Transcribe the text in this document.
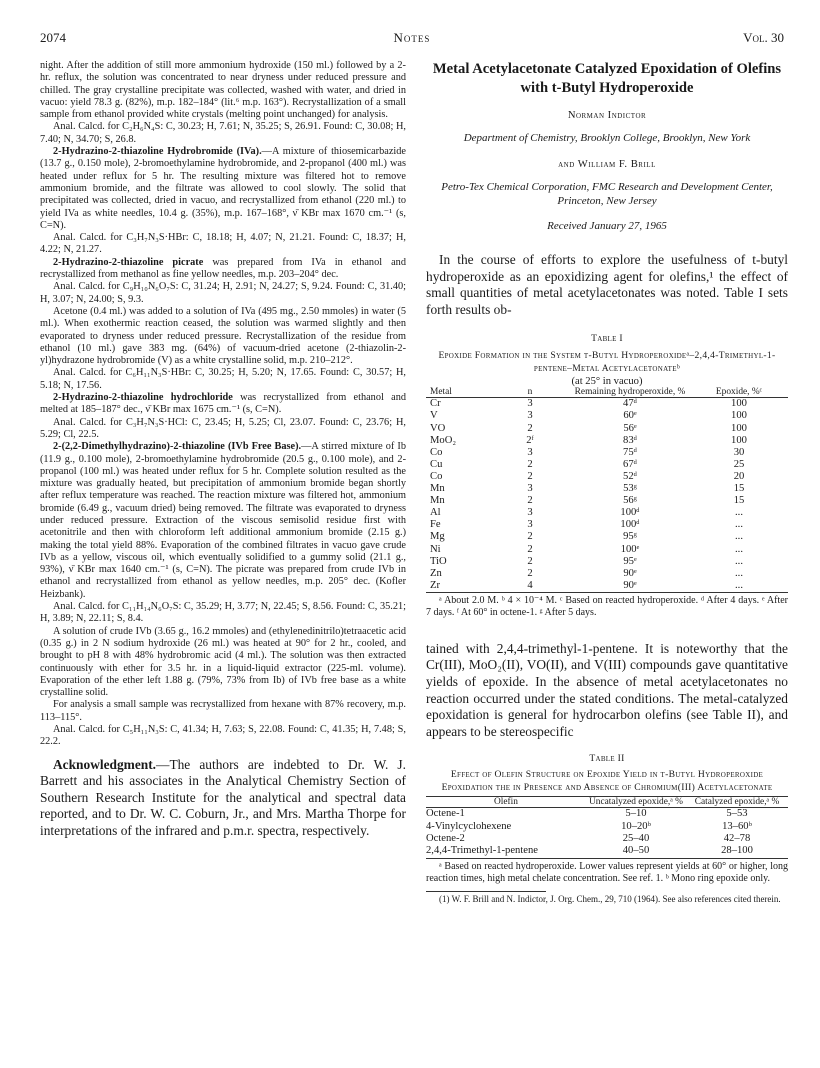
2074	Notes	Vol. 30

night. After the addition of still more ammonium hydroxide (150 ml.) followed by a 2-hr. reflux, the solution was concentrated to near dryness under reduced pressure and chilled. The gray crystalline precipitate was collected, washed with water, and dried in vacuo: yield 78.3 g. (82%), m.p. 182–184° (lit.⁶ m.p. 163°). Recrystallization of a small sample from ethanol provided white crystals (melting point unchanged) for analysis.

Anal. Calcd. for C₂H₆N₄S: C, 30.23; H, 7.61; N, 35.25; S, 26.91. Found: C, 30.08; H, 7.40; N, 34.70; S, 26.8.

2-Hydrazino-2-thiazoline Hydrobromide (IVa).—A mixture of thiosemicarbazide (13.7 g., 0.150 mole), 2-bromoethylamine hydrobromide, and 2-propanol (400 ml.) was heated under reflux for 5 hr. The resulting mixture was filtered hot to remove ammonium bromide, and the filtrate was allowed to cool slowly. The solid that precipitated was collected, dried in vacuo, and recrystallized from ethanol (220 ml.) to yield IVa as white needles, 10.4 g. (35%), m.p. 167–168°, ν̄ KBr max 1670 cm.⁻¹ (s, C=N).

Anal. Calcd. for C₃H₇N₃S·HBr: C, 18.18; H, 4.07; N, 21.21. Found: C, 18.37; H, 4.22; N, 21.27.

2-Hydrazino-2-thiazoline picrate was prepared from IVa in ethanol and recrystallized from methanol as fine yellow needles, m.p. 203–204° dec.

Anal. Calcd. for C₉H₁₀N₆O₇S: C, 31.24; H, 2.91; N, 24.27; S, 9.24. Found: C, 31.40; H, 3.07; N, 24.00; S, 9.3.

Acetone (0.4 ml.) was added to a solution of IVa (495 mg., 2.50 mmoles) in water (5 ml.). When exothermic reaction ceased, the solution was warmed slightly and then evaporated to dryness under reduced pressure. Recrystallization of the residue from ethanol (10 ml.) gave 383 mg. (64%) of vacuum-dried acetone (2-thiazolin-2-yl)hydrazone hydrobromide (V) as a white crystalline solid, m.p. 210–212°.

Anal. Calcd. for C₆H₁₁N₃S·HBr: C, 30.25; H, 5.20; N, 17.65. Found: C, 30.57; H, 5.18; N, 17.56.

2-Hydrazino-2-thiazoline hydrochloride was recrystallized from ethanol and melted at 185–187° dec., ν̄ KBr max 1675 cm.⁻¹ (s, C=N).

Anal. Calcd. for C₃H₇N₃S·HCl: C, 23.45; H, 5.25; Cl, 23.07. Found: C, 23.76; H, 5.29; Cl, 22.5.

2-(2,2-Dimethylhydrazino)-2-thiazoline (IVb Free Base).—A stirred mixture of Ib (11.9 g., 0.100 mole), 2-bromoethylamine hydrobromide (20.5 g., 0.100 mole), and 2-propanol (100 ml.) was heated under reflux for 5 hr. Complete solution resulted as the mixture was gradually heated, but precipitation of ammonium bromide began shortly after reflux temperature was reached. The reaction mixture was filtered hot, ammonium bromide (6.49 g., vacuum dried) being removed. The filtrate was evaporated to dryness under reduced pressure. Extraction of the viscous semisolid residue first with acetonitrile and then with chloroform left additional ammonium bromide (2.15 g.) making the total yield 88%. Evaporation of the combined filtrates in vacuo gave crude IVb as a yellow, viscous oil, which eventually solidified to a gummy solid (21.1 g., 93%), ν̄ KBr max 1640 cm.⁻¹ (s, C=N). The picrate was prepared from crude IVb in ethanol and recrystallized from ethanol as yellow needles, m.p. 205° dec. (Kofler Heizbank).

Anal. Calcd. for C₁₁H₁₄N₆O₇S: C, 35.29; H, 3.77; N, 22.45; S, 8.56. Found: C, 35.21; H, 3.89; N, 22.11; S, 8.4.

A solution of crude IVb (3.65 g., 16.2 mmoles) and (ethylenedinitrilo)tetraacetic acid (0.35 g.) in 2 N sodium hydroxide (26 ml.) was heated at 90° for 2 hr., cooled, and brought to pH 8 with 48% hydrobromic acid (4 ml.). The solution was then extracted continuously with ether for 3.5 hr. in a liquid-liquid extractor (225-ml. volume). Evaporation of the ether left 1.88 g. (79%, 73% from Ib) of IVb free base as a white crystalline solid.

For analysis a small sample was recrystallized from hexane with 87% recovery, m.p. 113–115°.

Anal. Calcd. for C₅H₁₁N₃S: C, 41.34; H, 7.63; S, 22.08. Found: C, 41.35; H, 7.48; S, 22.2.

Acknowledgment.—The authors are indebted to Dr. W. J. Barrett and his associates in the Analytical Chemistry Section of Southern Research Institute for the analytical and spectral data reported, and to Dr. W. C. Coburn, Jr., and Mrs. Martha Thorpe for interpretations of the infrared and p.m.r. spectra, respectively.

Metal Acetylacetonate Catalyzed Epoxidation of Olefins with t-Butyl Hydroperoxide

Norman Indictor

Department of Chemistry, Brooklyn College, Brooklyn, New York

and William F. Brill

Petro-Tex Chemical Corporation, FMC Research and Development Center, Princeton, New Jersey

Received January 27, 1965

In the course of efforts to explore the usefulness of t-butyl hydroperoxide as an epoxidizing agent for olefins,¹ the effect of small quantities of metal acetylacetonates was noted. Table I sets forth results ob-

Table I

Epoxide Formation in the System t-Butyl Hydroperoxideᵃ–2,4,4-Trimethyl-1-pentene–Metal Acetylacetonateᵇ

(at 25° in vacuo)

Metal	n	Remaining hydroperoxide, %	Epoxide, %ᶜ

Cr	3	47ᵈ	100
V	3	60ᵉ	100
VO	2	56ᵉ	100
MoO₂	2ᶠ	83ᵈ	100
Co	3	75ᵈ	30
Cu	2	67ᵈ	25
Co	2	52ᵈ	20
Mn	3	53ᵍ	15
Mn	2	56ᵍ	15
Al	3	100ᵈ	...
Fe	3	100ᵈ	...
Mg	2	95ᵍ	...
Ni	2	100ᵉ	...
TiO	2	95ᵉ	...
Zn	2	90ᵉ	...
Zr	4	90ᵉ	...

ᵃ About 2.0 M. ᵇ 4 × 10⁻⁴ M. ᶜ Based on reacted hydroperoxide. ᵈ After 4 days. ᵉ After 7 days. ᶠ At 60° in octene-1. ᵍ After 5 days.

tained with 2,4,4-trimethyl-1-pentene. It is noteworthy that the Cr(III), MoO₂(II), VO(II), and V(III) compounds gave quantitative yields of epoxide. In the absence of metal acetylacetonates no reaction occurred under the stated conditions. The metal-catalyzed epoxidation is general for hydrocarbon olefins (see Table II), and appears to be stereospecific

Table II

Effect of Olefin Structure on Epoxide Yield in t-Butyl Hydroperoxide Epoxidation the in Presence and Absence of Chromium(III) Acetylacetonate

Olefin	Uncatalyzed epoxide,ᵃ %	Catalyzed epoxide,ᵃ %

Octene-1	5–10	5–53
4-Vinylcyclohexene	10–20ᵇ	13–60ᵇ
Octene-2	25–40	42–78
2,4,4-Trimethyl-1-pentene	40–50	28–100

ᵃ Based on reacted hydroperoxide. Lower values represent yields at 60° or higher, long reaction times, high metal chelate concentration. See ref. 1. ᵇ Mono ring epoxide only.

(1) W. F. Brill and N. Indictor, J. Org. Chem., 29, 710 (1964). See also references cited therein.
